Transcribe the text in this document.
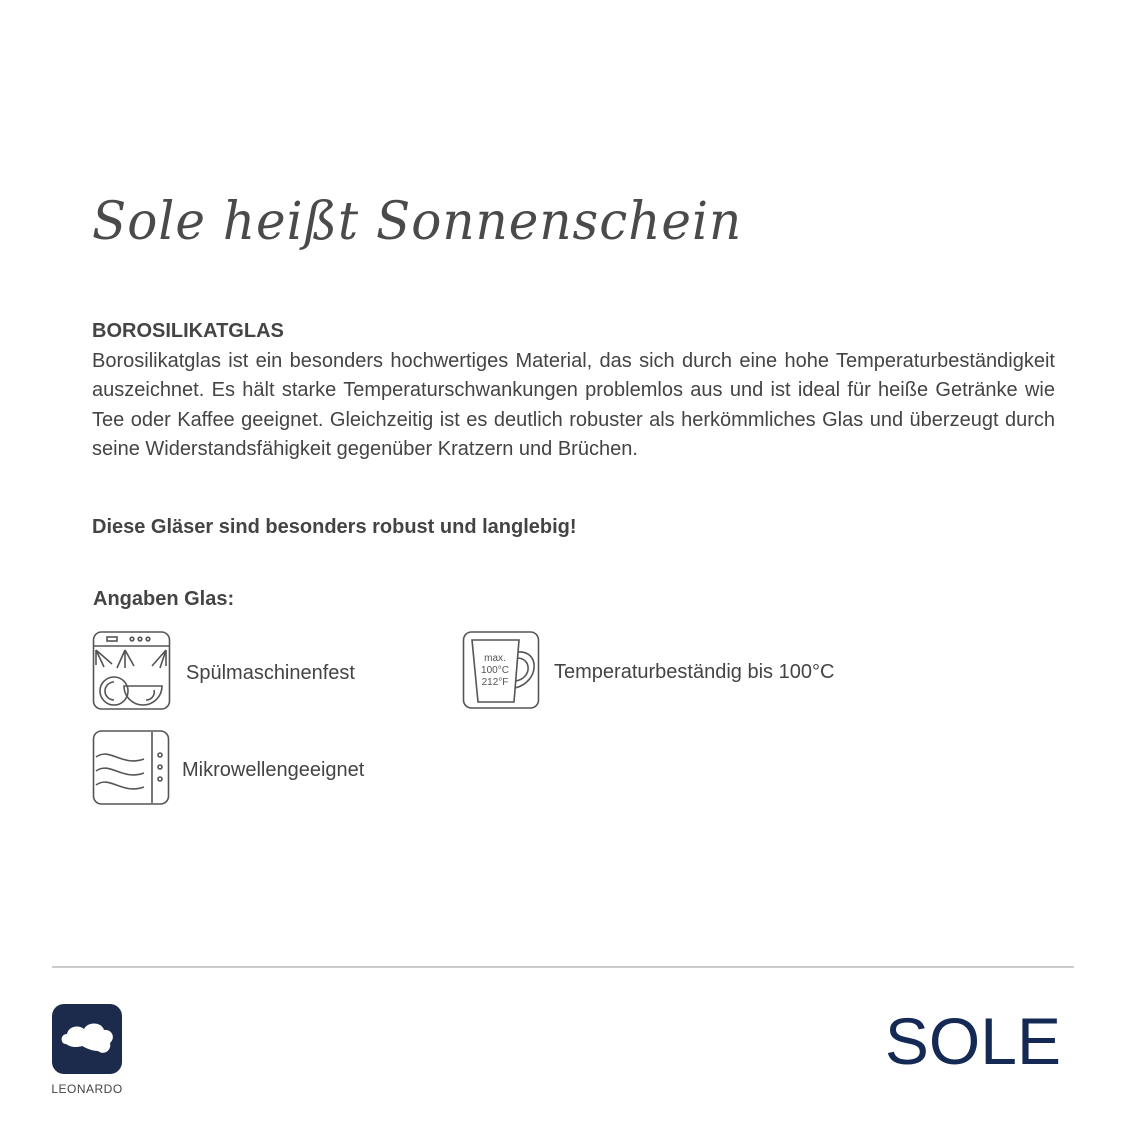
Sole heißt Sonnenschein
BOROSILIKATGLAS
Borosilikatglas ist ein besonders hochwertiges Material, das sich durch eine hohe Temperaturbeständigkeit auszeichnet. Es hält starke Temperaturschwankungen problemlos aus und ist ideal für heiße Getränke wie Tee oder Kaffee geeignet. Gleichzeitig ist es deutlich robuster als herkömmliches Glas und überzeugt durch seine Widerstandsfähigkeit gegenüber Kratzern und Brüchen.
Diese Gläser sind besonders robust und langlebig!
Angaben Glas:
Spülmaschinenfest
max.
100°C
212°F Temperaturbeständig bis 100°C
Mikrowellengeeignet
LEONARDO
SOLE
